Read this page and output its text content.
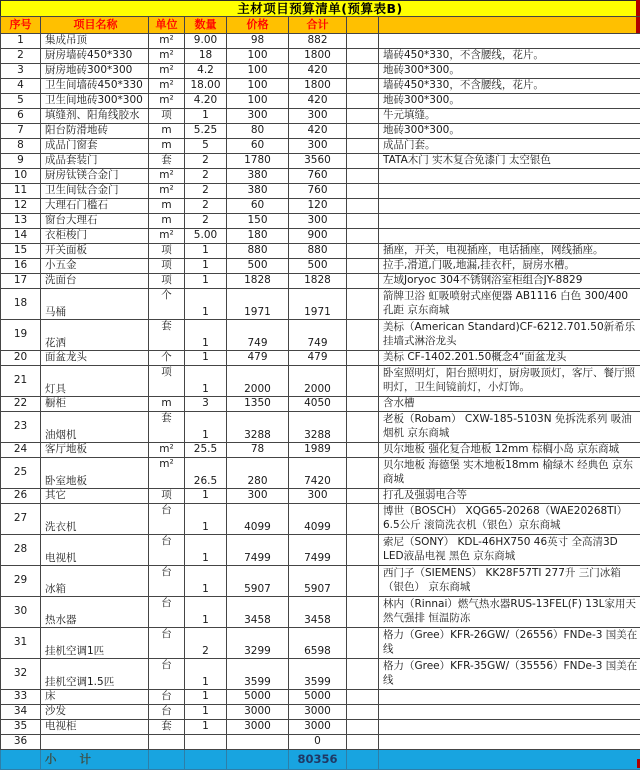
主材项目预算清单(预算表B)
序号	项目名称	单位	数量	价格	合计		
1	集成吊顶	m²	9.00	98	882		
2	厨房墙砖450*330	m²	18	100	1800		墙砖450*330，不含腰线，花片。
3	厨房地砖300*300	m²	4.2	100	420		地砖300*300。
4	卫生间墙砖450*330	m²	18.00	100	1800		墙砖450*330，不含腰线，花片。
5	卫生间地砖300*300	m²	4.20	100	420		地砖300*300。
6	填缝剂、阳角线胶水	项	1	300	300		牛元填缝。
7	阳台防滑地砖	m	5.25	80	420		地砖300*300。
8	成品门窗套	m	5	60	300		成品门套。
9	成品套装门	套	2	1780	3560		TATA木门 实木复合免漆门 太空银色
10	厨房钛镁合金门	m²	2	380	760		
11	卫生间钛合金门	m²	2	380	760		
12	大理石门槛石	m	2	60	120		
13	窗台大理石	m	2	150	300		
14	衣柜梭门	m²	5.00	180	900		
15	开关面板	项	1	880	880		插座，开关，电视插座，电话插座，网线插座。
16	小五金	项	1	500	500		拉手,滑道,门吸,地漏,挂衣杆，厨房水槽。
17	洗面台	项	1	1828	1828		左域Joryoc 304不锈钢浴室柜组合JY-8829
18	马桶	个	1	1971	1971		箭牌卫浴 虹吸喷射式座便器 AB1116 白色 300/400孔距 京东商城
19	花洒	套	1	749	749		美标（American Standard)CF-6212.701.50新希乐挂墙式淋浴龙头
20	面盆龙头	个	1	479	479		美标 CF-1402.201.50概念4“面盆龙头
21	灯具	项	1	2000	2000		卧室照明灯，阳台照明灯，厨房吸顶灯，客厅、餐厅照明灯，卫生间镜前灯，小灯饰。
22	橱柜	m	3	1350	4050		含水槽
23	油烟机	套	1	3288	3288		老板（Robam） CXW-185-5103N 免拆洗系列 吸油烟机 京东商城
24	客厅地板	m²	25.5	78	1989		贝尔地板 强化复合地板 12mm 棕榈小岛 京东商城
25	卧室地板	m²	26.5	280	7420		贝尔地板 海德堡 实木地板18mm 榆绿木 经典色 京东商城
26	其它	项	1	300	300		打孔及强弱电合等
27	洗衣机	台	1	4099	4099		博世（BOSCH） XQG65-20268（WAE20268TI） 6.5公斤 滚筒洗衣机（银色）京东商城
28	电视机	台	1	7499	7499		索尼（SONY） KDL-46HX750 46英寸 全高清3D LED液晶电视 黑色 京东商城
29	冰箱	台	1	5907	5907		西门子（SIEMENS） KK28F57TI 277升 三门冰箱（银色） 京东商城
30	热水器	台	1	3458	3458		林内（Rinnai）燃气热水器RUS-13FEL(F) 13L家用天然气强排 恒温防冻
31	挂机空调1匹	台	2	3299	6598		格力（Gree）KFR-26GW/（26556）FNDe-3 国美在线
32	挂机空调1.5匹	台	1	3599	3599		格力（Gree）KFR-35GW/（35556）FNDe-3 国美在线
33	床	台	1	5000	5000		
34	沙发	台	1	3000	3000		
35	电视柜	套	1	3000	3000		
36					0		
	小　　计				80356		
